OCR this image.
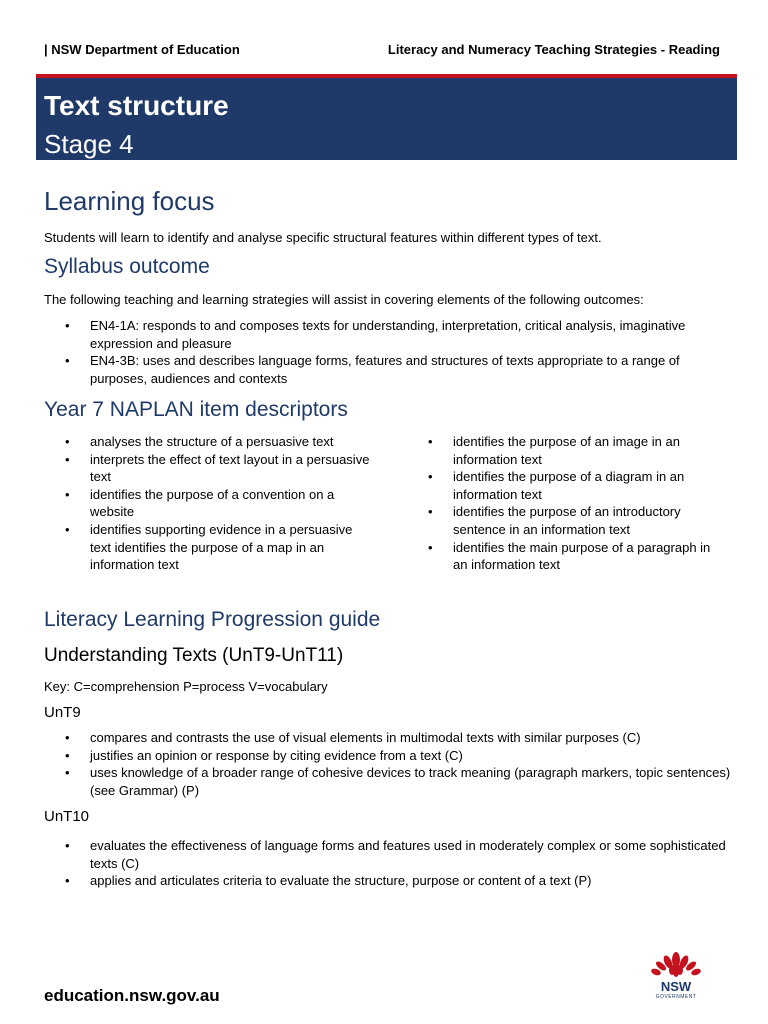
| NSW Department of Education	Literacy and Numeracy Teaching Strategies - Reading
Text structure
Stage 4
Learning focus
Students will learn to identify and analyse specific structural features within different types of text.
Syllabus outcome
The following teaching and learning strategies will assist in covering elements of the following outcomes:
• EN4-1A: responds to and composes texts for understanding, interpretation, critical analysis, imaginative expression and pleasure
• EN4-3B: uses and describes language forms, features and structures of texts appropriate to a range of purposes, audiences and contexts
Year 7 NAPLAN item descriptors
• analyses the structure of a persuasive text
• interprets the effect of text layout in a persuasive text
• identifies the purpose of a convention on a website
• identifies supporting evidence in a persuasive text identifies the purpose of a map in an information text
• identifies the purpose of an image in an information text
• identifies the purpose of a diagram in an information text
• identifies the purpose of an introductory sentence in an information text
• identifies the main purpose of a paragraph in an information text
Literacy Learning Progression guide
Understanding Texts (UnT9-UnT11)
Key: C=comprehension P=process V=vocabulary
UnT9
• compares and contrasts the use of visual elements in multimodal texts with similar purposes (C)
• justifies an opinion or response by citing evidence from a text (C)
• uses knowledge of a broader range of cohesive devices to track meaning (paragraph markers, topic sentences) (see Grammar) (P)
UnT10
• evaluates the effectiveness of language forms and features used in moderately complex or some sophisticated texts (C)
• applies and articulates criteria to evaluate the structure, purpose or content of a text (P)
education.nsw.gov.au	NSW
GOVERNMENT
